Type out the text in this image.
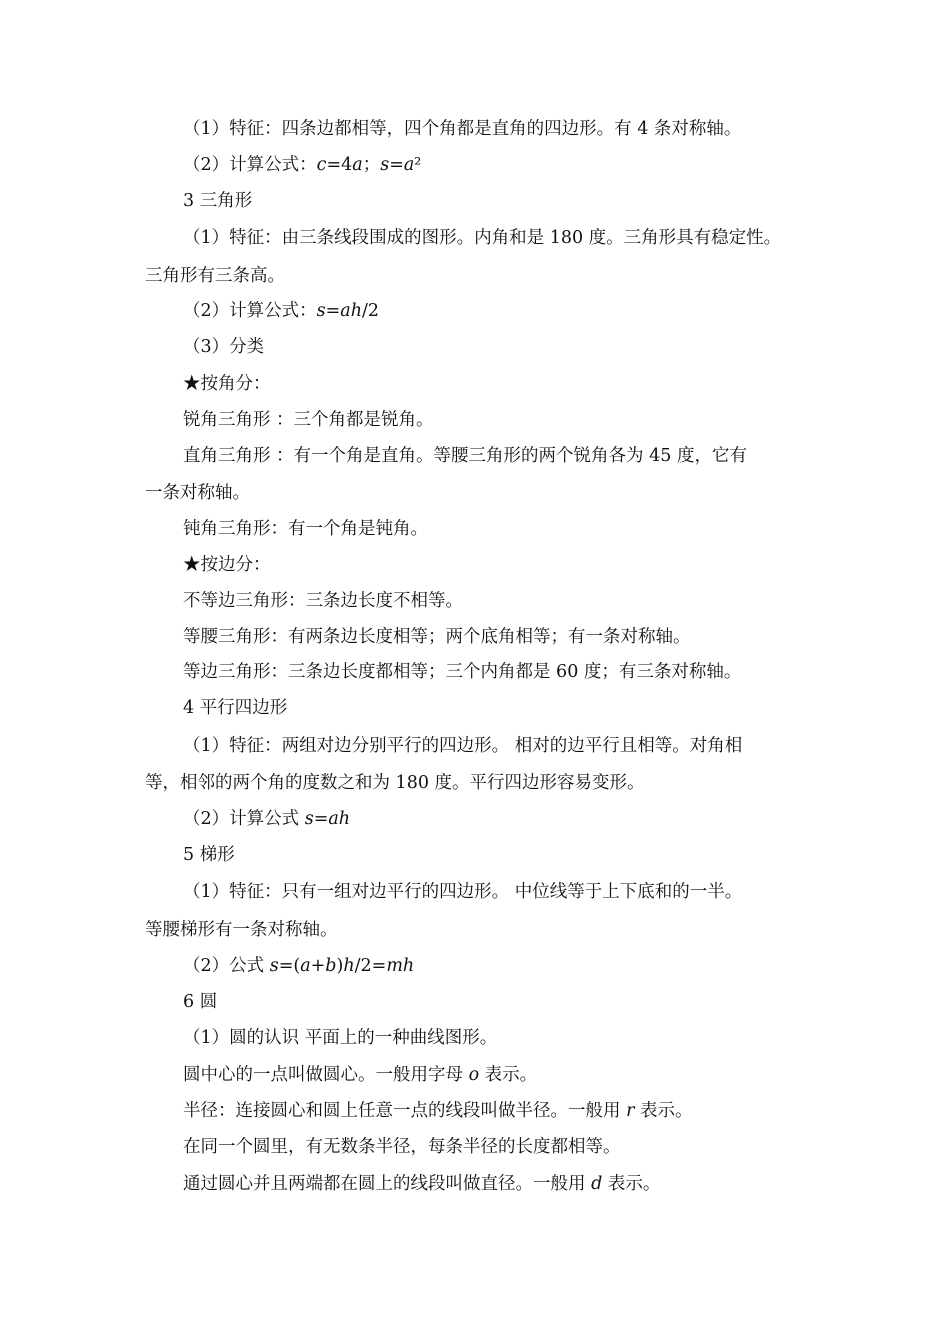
（1）特征：四条边都相等，四个角都是直角的四边形。有 4 条对称轴。
（2）计算公式：c=4a；s=a²
3 三角形
（1）特征：由三条线段围成的图形。内角和是 180 度。三角形具有稳定性。
三角形有三条高。
（2）计算公式：s=ah/2
（3）分类
★按角分：
锐角三角形 ：三个角都是锐角。
直角三角形 ：有一个角是直角。等腰三角形的两个锐角各为 45 度，它有
一条对称轴。
钝角三角形：有一个角是钝角。
★按边分：
不等边三角形：三条边长度不相等。
等腰三角形：有两条边长度相等；两个底角相等；有一条对称轴。
等边三角形：三条边长度都相等；三个内角都是 60 度；有三条对称轴。
4 平行四边形
（1）特征：两组对边分别平行的四边形。 相对的边平行且相等。对角相
等，相邻的两个角的度数之和为 180 度。平行四边形容易变形。
（2）计算公式 s=ah
5 梯形
（1）特征：只有一组对边平行的四边形。 中位线等于上下底和的一半。
等腰梯形有一条对称轴。
（2）公式 s=(a+b)h/2=mh
6 圆
（1）圆的认识 平面上的一种曲线图形。
圆中心的一点叫做圆心。一般用字母 o 表示。
半径：连接圆心和圆上任意一点的线段叫做半径。一般用 r 表示。
在同一个圆里，有无数条半径，每条半径的长度都相等。
通过圆心并且两端都在圆上的线段叫做直径。一般用 d 表示。
